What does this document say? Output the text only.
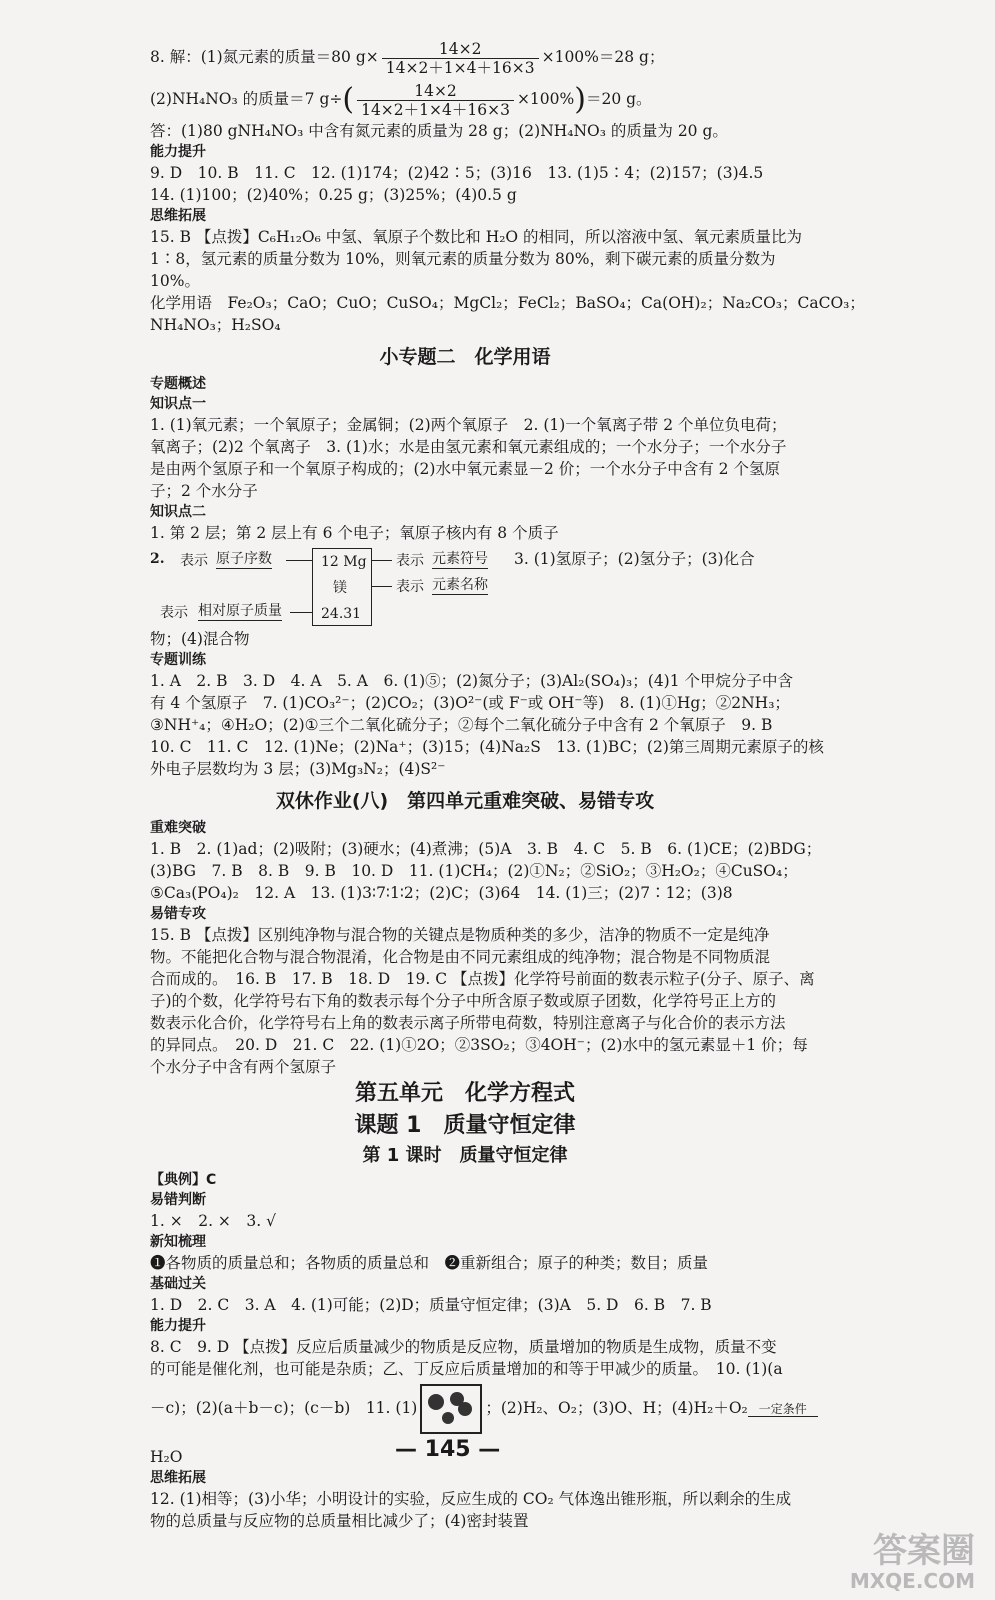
8. 解：(1)氮元素的质量＝80 $g\times \frac{14\times 2}{14\times 2+1\times 4+16\times 3} \times 100\%=28$ g；
(2)NH₄NO₃ 的质量＝7 $g\div( \frac{14\times 2}{14\times 2+1\times 4+16\times 3} \times 100\%)=20$ g。
答：(1)80 gNH₄NO₃ 中含有氮元素的质量为 28 g；(2)NH₄NO₃ 的质量为 20 g。
能力提升
9. D　10. B　11. C　12. (1)174；(2)42∶5；(3)16　13. (1)5∶4；(2)157；(3)4.5
14. (1)100；(2)40%；0.25 g；(3)25%；(4)0.5 g
思维拓展
15. B 【点拨】C₆H₁₂O₆ 中氢、氧原子个数比和 H₂O 的相同，所以溶液中氢、氧元素质量比为
1∶8，氢元素的质量分数为 10%，则氧元素的质量分数为 80%，剩下碳元素的质量分数为
10%。
化学用语　Fe₂O₃；CaO；CuO；CuSO₄；MgCl₂；FeCl₂；BaSO₄；Ca(OH)₂；Na₂CO₃；CaCO₃；
NH₄NO₃；H₂SO₄
小专题二　化学用语
专题概述
知识点一
1. (1)氧元素；一个氧原子；金属铜；(2)两个氧原子　2. (1)一个氧离子带 2 个单位负电荷；
氧离子；(2)2 个氧离子　3. (1)水；水是由氢元素和氧元素组成的；一个水分子；一个水分子
是由两个氢原子和一个氧原子构成的；(2)水中氧元素显－2 价；一个水分子中含有 2 个氢原
子；2 个水分子
知识点二
1. 第 2 层；第 2 层上有 6 个电子；氧原子核内有 8 个质子
2. 表示 原子序数
表示 相对原子质量
12 Mg
镁
24.31
表示 元素符号
表示 元素名称
3. (1)氢原子；(2)氢分子；(3)化合
物；(4)混合物
专题训练
1. A　2. B　3. D　4. A　5. A　6. (1)⑤；(2)氮分子；(3)Al₂(SO₄)₃；(4)1 个甲烷分子中含
有 4 个氢原子　7. (1)CO₃²⁻；(2)CO₂；(3)O²⁻(或 F⁻或 OH⁻等)　8. (1)①Hg；②2NH₃；
③NH⁺₄；④H₂O；(2)①三个二氧化硫分子；②每个二氧化硫分子中含有 2 个氧原子　9. B
10. C　11. C　12. (1)Ne；(2)Na⁺；(3)15；(4)Na₂S　13. (1)BC；(2)第三周期元素原子的核
外电子层数均为 3 层；(3)Mg₃N₂；(4)S²⁻
双休作业(八)　第四单元重难突破、易错专攻
重难突破
1. B　2. (1)ad；(2)吸附；(3)硬水；(4)煮沸；(5)A　3. B　4. C　5. B　6. (1)CE；(2)BDG；
(3)BG　7. B　8. B　9. B　10. D　11. (1)CH₄；(2)①N₂；②SiO₂；③H₂O₂；④CuSO₄；
⑤Ca₃(PO₄)₂　12. A　13. (1)3∶7∶1∶2；(2)C；(3)64　14. (1)三；(2)7∶12；(3)8
易错专攻
15. B 【点拨】区别纯净物与混合物的关键点是物质种类的多少，洁净的物质不一定是纯净
物。不能把化合物与混合物混淆，化合物是由不同元素组成的纯净物；混合物是不同物质混
合而成的。　16. B　17. B　18. D　19. C 【点拨】化学符号前面的数表示粒子(分子、原子、离
子)的个数，化学符号右下角的数表示每个分子中所含原子数或原子团数，化学符号正上方的
数表示化合价，化学符号右上角的数表示离子所带电荷数，特别注意离子与化合价的表示方法
的异同点。　20. D　21. C　22. (1)①2O；②3SO₂；③4OH⁻；(2)水中的氢元素显＋1 价；每
个水分子中含有两个氢原子
第五单元　化学方程式
课题 1　质量守恒定律
第 1 课时　质量守恒定律
【典例】C
易错判断
1. ×　2. ×　3. √
新知梳理
❶各物质的质量总和；各物质的质量总和　❷重新组合；原子的种类；数目；质量
基础过关
1. D　2. C　3. A　4. (1)可能；(2)D；质量守恒定律；(3)A　5. D　6. B　7. B
能力提升
8. C　9. D 【点拨】反应后质量减少的物质是反应物，质量增加的物质是生成物，质量不变
的可能是催化剂，也可能是杂质；乙、丁反应后质量增加的和等于甲减少的质量。　10. (1)(a
－c)；(2)(a＋b－c)；(c－b)　11. (1)	；(2)H₂、O₂；(3)O、H；(4)H₂＋O₂ 一定条件
H₂O
思维拓展
12. (1)相等；(3)小华；小明设计的实验，反应生成的 CO₂ 气体逸出锥形瓶，所以剩余的生成
物的总质量与反应物的总质量相比减少了；(4)密封装置
— 145 —
答案圈
MXQE.COM
